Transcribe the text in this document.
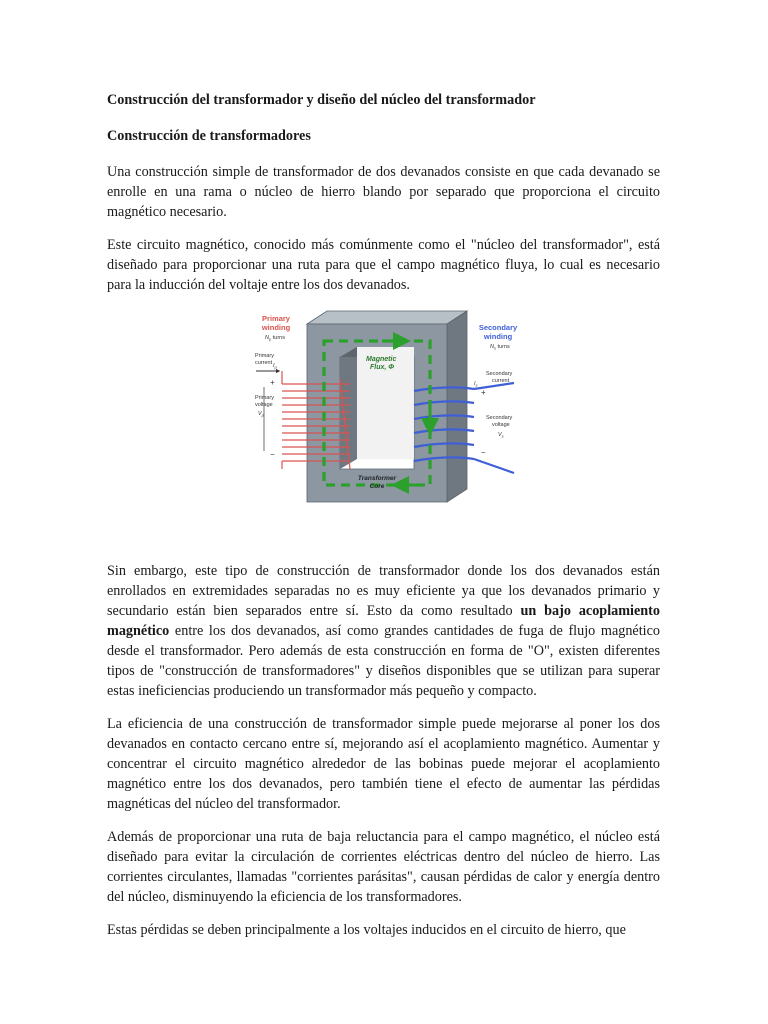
Construcción del transformador y diseño del núcleo del transformador
Construcción de transformadores

Una construcción simple de transformador de dos devanados consiste en que cada devanado se enrolle en una rama o núcleo de hierro blando por separado que proporciona el circuito magnético necesario.

Este circuito magnético, conocido más comúnmente como el "núcleo del transformador", está diseñado para proporcionar una ruta para que el campo magnético fluya, lo cual es necesario para la inducción del voltaje entre los dos devanados.

Primary
winding
$N_p$ turns
Primary
current
Primary
voltage
$I_p$
$V_p$
+
−
Secondary
winding
$N_s$ turns
Secondary
current
Secondary
voltage
$I_s$
$V_s$
+
−
Magnetic
Flux, Φ
Transformer
Core

Sin embargo, este tipo de construcción de transformador donde los dos devanados están enrollados en extremidades separadas no es muy eficiente ya que los devanados primario y secundario están bien separados entre sí. Esto da como resultado un bajo acoplamiento magnético entre los dos devanados, así como grandes cantidades de fuga de flujo magnético desde el transformador. Pero además de esta construcción en forma de "O", existen diferentes tipos de "construcción de transformadores" y diseños disponibles que se utilizan para superar estas ineficiencias produciendo un transformador más pequeño y compacto.

La eficiencia de una construcción de transformador simple puede mejorarse al poner los dos devanados en contacto cercano entre sí, mejorando así el acoplamiento magnético. Aumentar y concentrar el circuito magnético alrededor de las bobinas puede mejorar el acoplamiento magnético entre los dos devanados, pero también tiene el efecto de aumentar las pérdidas magnéticas del núcleo del transformador.

Además de proporcionar una ruta de baja reluctancia para el campo magnético, el núcleo está diseñado para evitar la circulación de corrientes eléctricas dentro del núcleo de hierro. Las corrientes circulantes, llamadas "corrientes parásitas", causan pérdidas de calor y energía dentro del núcleo, disminuyendo la eficiencia de los transformadores.

Estas pérdidas se deben principalmente a los voltajes inducidos en el circuito de hierro, que
